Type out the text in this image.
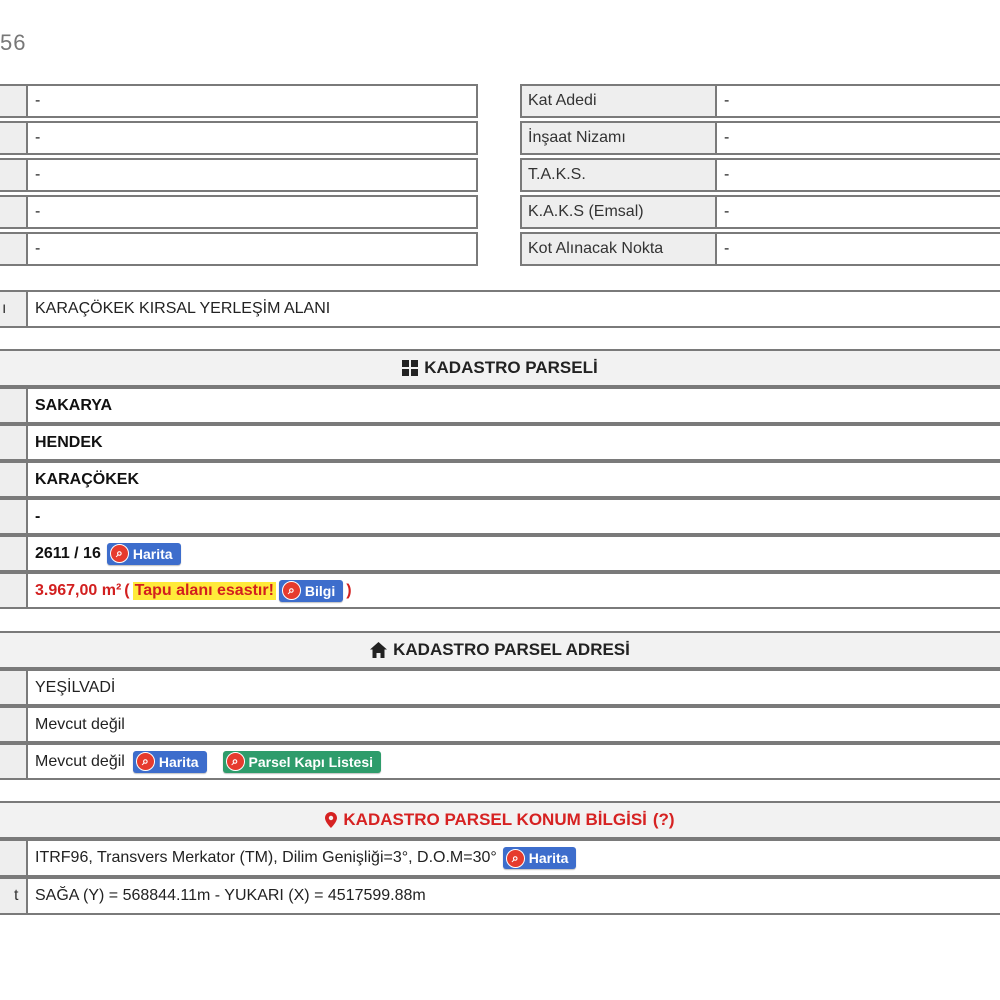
56
-
-
-
-
-
Kat Adedi	-
İnşaat Nizamı	-
T.A.K.S.	-
K.A.K.S (Emsal)	-
Kot Alınacak Nokta	-
ı	KARAÇÖKEK KIRSAL YERLEŞİM ALANI
KADASTRO PARSELİ
SAKARYA
HENDEK
KARAÇÖKEK
-
2611 / 16	⌕ Harita
3.967,00 m² ( Tapu alanı esastır!	⌕ Bilgi )
KADASTRO PARSEL ADRESİ
YEŞİLVADİ
Mevcut değil
Mevcut değil	⌕ Harita	⌕ Parsel Kapı Listesi
KADASTRO PARSEL KONUM BİLGİSİ (?)
ITRF96, Transvers Merkator (TM), Dilim Genişliği=3°, D.O.M=30°	⌕ Harita
t	SAĞA (Y) = 568844.11m - YUKARI (X) = 4517599.88m
